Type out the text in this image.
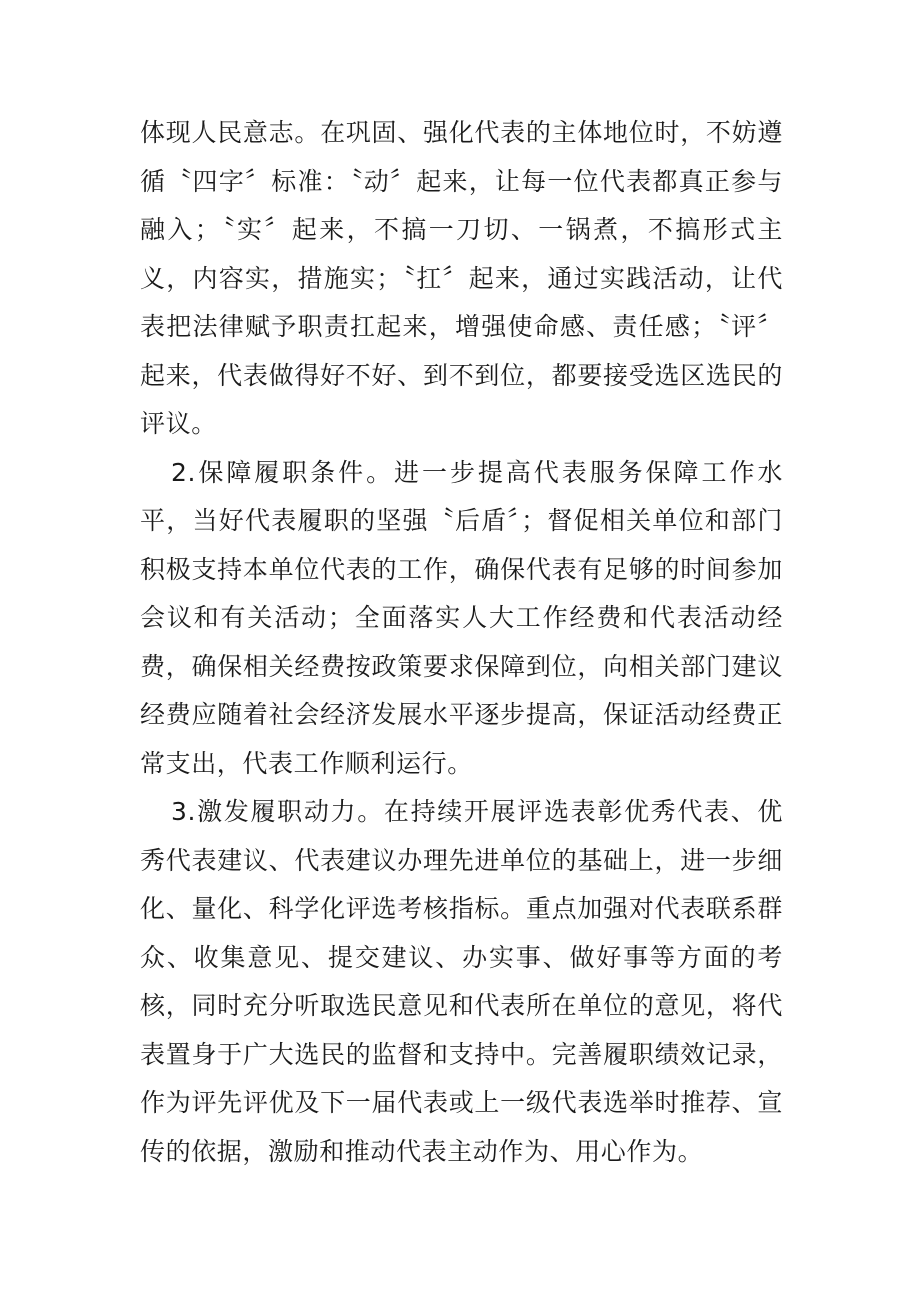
体现人民意志。在巩固、强化代表的主体地位时，不妨遵循〝四字〞标准：〝动〞起来，让每一位代表都真正参与融入；〝实〞起来，不搞一刀切、一锅煮，不搞形式主义，内容实，措施实；〝扛〞起来，通过实践活动，让代表把法律赋予职责扛起来，增强使命感、责任感；〝评〞起来，代表做得好不好、到不到位，都要接受选区选民的评议。

2.保障履职条件。进一步提高代表服务保障工作水平，当好代表履职的坚强〝后盾〞；督促相关单位和部门积极支持本单位代表的工作，确保代表有足够的时间参加会议和有关活动；全面落实人大工作经费和代表活动经费，确保相关经费按政策要求保障到位，向相关部门建议经费应随着社会经济发展水平逐步提高，保证活动经费正常支出，代表工作顺利运行。

3.激发履职动力。在持续开展评选表彰优秀代表、优秀代表建议、代表建议办理先进单位的基础上，进一步细化、量化、科学化评选考核指标。重点加强对代表联系群众、收集意见、提交建议、办实事、做好事等方面的考核，同时充分听取选民意见和代表所在单位的意见，将代表置身于广大选民的监督和支持中。完善履职绩效记录，作为评先评优及下一届代表或上一级代表选举时推荐、宣传的依据，激励和推动代表主动作为、用心作为。
